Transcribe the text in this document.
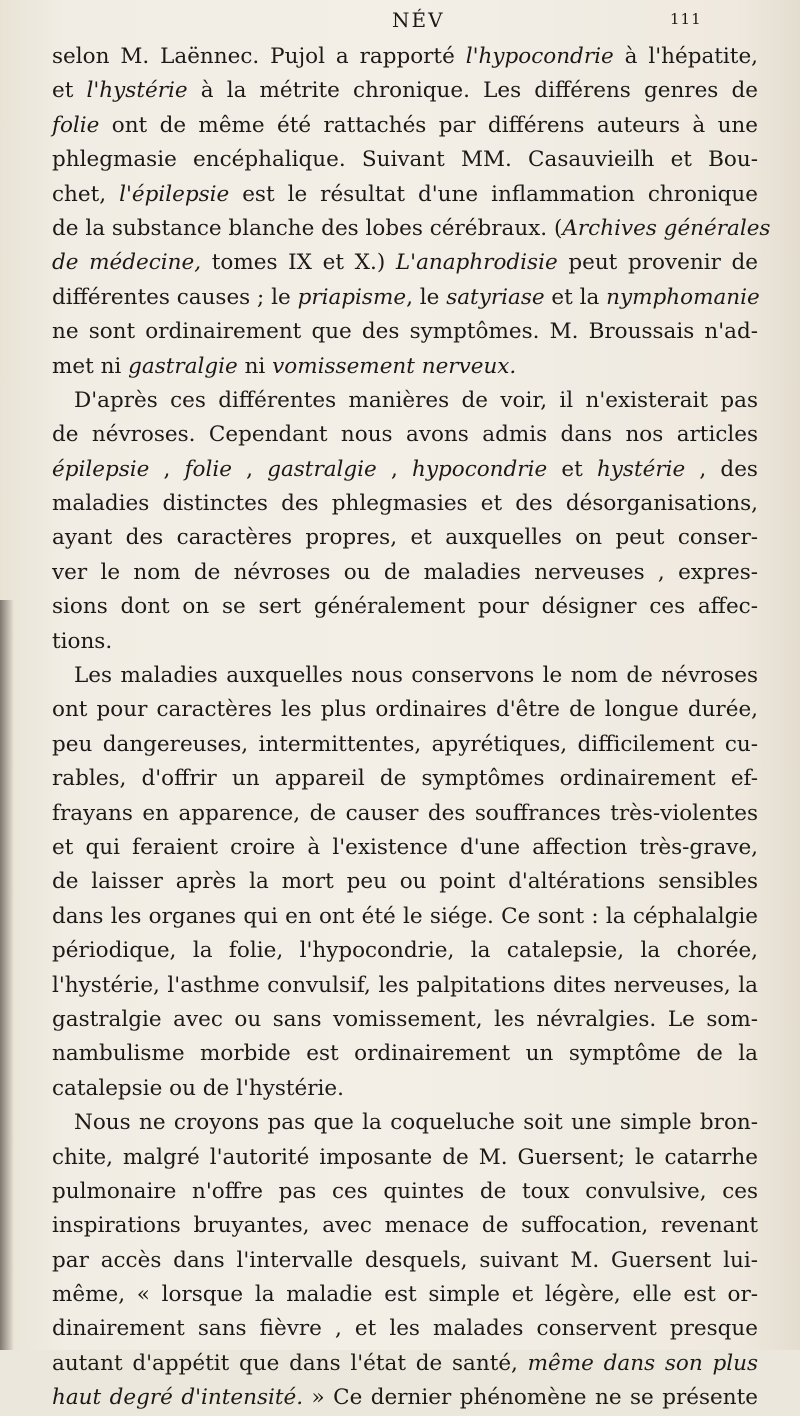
NÉV	111
selon M. Laënnec. Pujol a rapporté l'hypocondrie à l'hépatite,
et l'hystérie à la métrite chronique. Les différens genres de
folie ont de même été rattachés par différens auteurs à une
phlegmasie encéphalique. Suivant MM. Casauvieilh et Bou-
chet, l'épilepsie est le résultat d'une inflammation chronique
de la substance blanche des lobes cérébraux. (Archives générales
de médecine, tomes IX et X.) L'anaphrodisie peut provenir de
différentes causes ; le priapisme, le satyriase et la nymphomanie
ne sont ordinairement que des symptômes. M. Broussais n'ad-
met ni gastralgie ni vomissement nerveux.
D'après ces différentes manières de voir, il n'existerait pas
de névroses. Cependant nous avons admis dans nos articles
épilepsie , folie , gastralgie , hypocondrie et hystérie , des
maladies distinctes des phlegmasies et des désorganisations,
ayant des caractères propres, et auxquelles on peut conser-
ver le nom de névroses ou de maladies nerveuses , expres-
sions dont on se sert généralement pour désigner ces affec-
tions.
Les maladies auxquelles nous conservons le nom de névroses
ont pour caractères les plus ordinaires d'être de longue durée,
peu dangereuses, intermittentes, apyrétiques, difficilement cu-
rables, d'offrir un appareil de symptômes ordinairement ef-
frayans en apparence, de causer des souffrances très-violentes
et qui feraient croire à l'existence d'une affection très-grave,
de laisser après la mort peu ou point d'altérations sensibles
dans les organes qui en ont été le siége. Ce sont : la céphalalgie
périodique, la folie, l'hypocondrie, la catalepsie, la chorée,
l'hystérie, l'asthme convulsif, les palpitations dites nerveuses, la
gastralgie avec ou sans vomissement, les névralgies. Le som-
nambulisme morbide est ordinairement un symptôme de la
catalepsie ou de l'hystérie.
Nous ne croyons pas que la coqueluche soit une simple bron-
chite, malgré l'autorité imposante de M. Guersent; le catarrhe
pulmonaire n'offre pas ces quintes de toux convulsive, ces
inspirations bruyantes, avec menace de suffocation, revenant
par accès dans l'intervalle desquels, suivant M. Guersent lui-
même, « lorsque la maladie est simple et légère, elle est or-
dinairement sans fièvre , et les malades conservent presque
autant d'appétit que dans l'état de santé, même dans son plus
haut degré d'intensité. » Ce dernier phénomène ne se présente
